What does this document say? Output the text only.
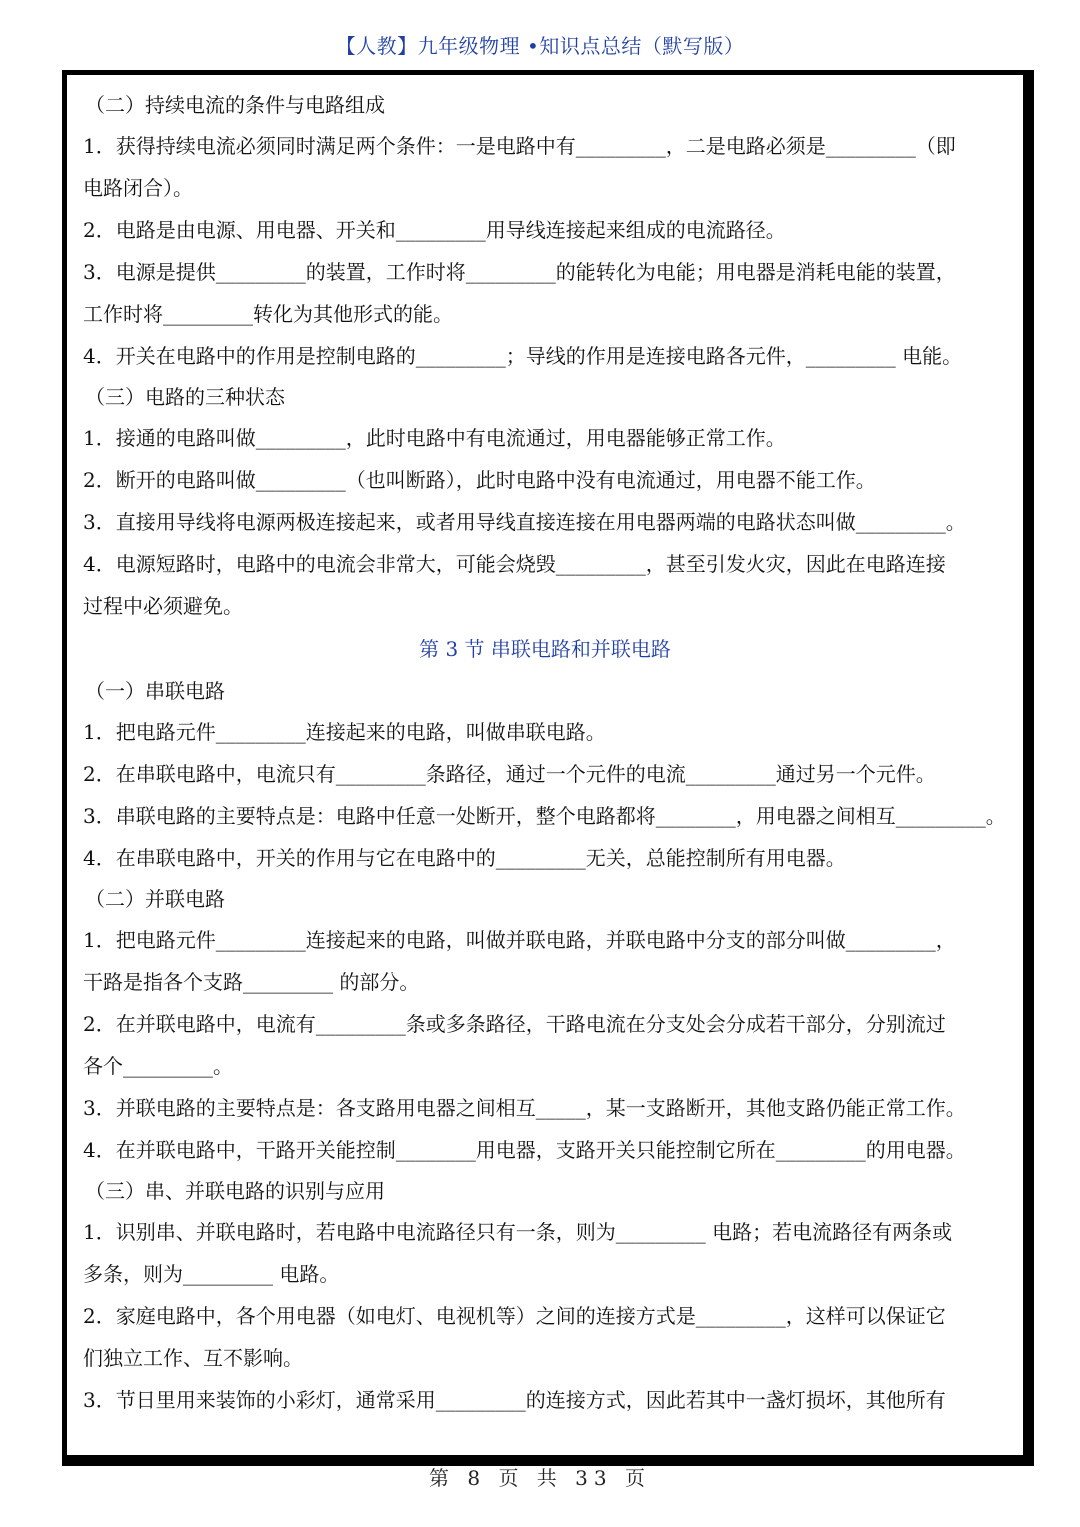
【人教】九年级物理 •知识点总结（默写版）
（二）持续电流的条件与电路组成
1．获得持续电流必须同时满足两个条件：一是电路中有_________，二是电路必须是_________（即
电路闭合）。
2．电路是由电源、用电器、开关和_________用导线连接起来组成的电流路径。
3．电源是提供_________的装置，工作时将_________的能转化为电能；用电器是消耗电能的装置，
工作时将_________转化为其他形式的能。
4．开关在电路中的作用是控制电路的_________；导线的作用是连接电路各元件，_________ 电能。
（三）电路的三种状态
1．接通的电路叫做_________，此时电路中有电流通过，用电器能够正常工作。
2．断开的电路叫做_________（也叫断路），此时电路中没有电流通过，用电器不能工作。
3．直接用导线将电源两极连接起来，或者用导线直接连接在用电器两端的电路状态叫做_________。
4．电源短路时，电路中的电流会非常大，可能会烧毁_________，甚至引发火灾，因此在电路连接
过程中必须避免。
第 3 节 串联电路和并联电路
（一）串联电路
1．把电路元件_________连接起来的电路，叫做串联电路。
2．在串联电路中，电流只有_________条路径，通过一个元件的电流_________通过另一个元件。
3．串联电路的主要特点是：电路中任意一处断开，整个电路都将________，用电器之间相互_________。
4．在串联电路中，开关的作用与它在电路中的_________无关，总能控制所有用电器。
（二）并联电路
1．把电路元件_________连接起来的电路，叫做并联电路，并联电路中分支的部分叫做_________，
干路是指各个支路_________ 的部分。
2．在并联电路中，电流有_________条或多条路径，干路电流在分支处会分成若干部分，分别流过
各个_________。
3．并联电路的主要特点是：各支路用电器之间相互_____，某一支路断开，其他支路仍能正常工作。
4．在并联电路中，干路开关能控制________用电器，支路开关只能控制它所在_________的用电器。
（三）串、并联电路的识别与应用
1．识别串、并联电路时，若电路中电流路径只有一条，则为_________ 电路；若电流路径有两条或
多条，则为_________ 电路。
2．家庭电路中，各个用电器（如电灯、电视机等）之间的连接方式是_________，这样可以保证它
们独立工作、互不影响。
3．节日里用来装饰的小彩灯，通常采用_________的连接方式，因此若其中一盏灯损坏，其他所有
第 8 页 共 33 页
